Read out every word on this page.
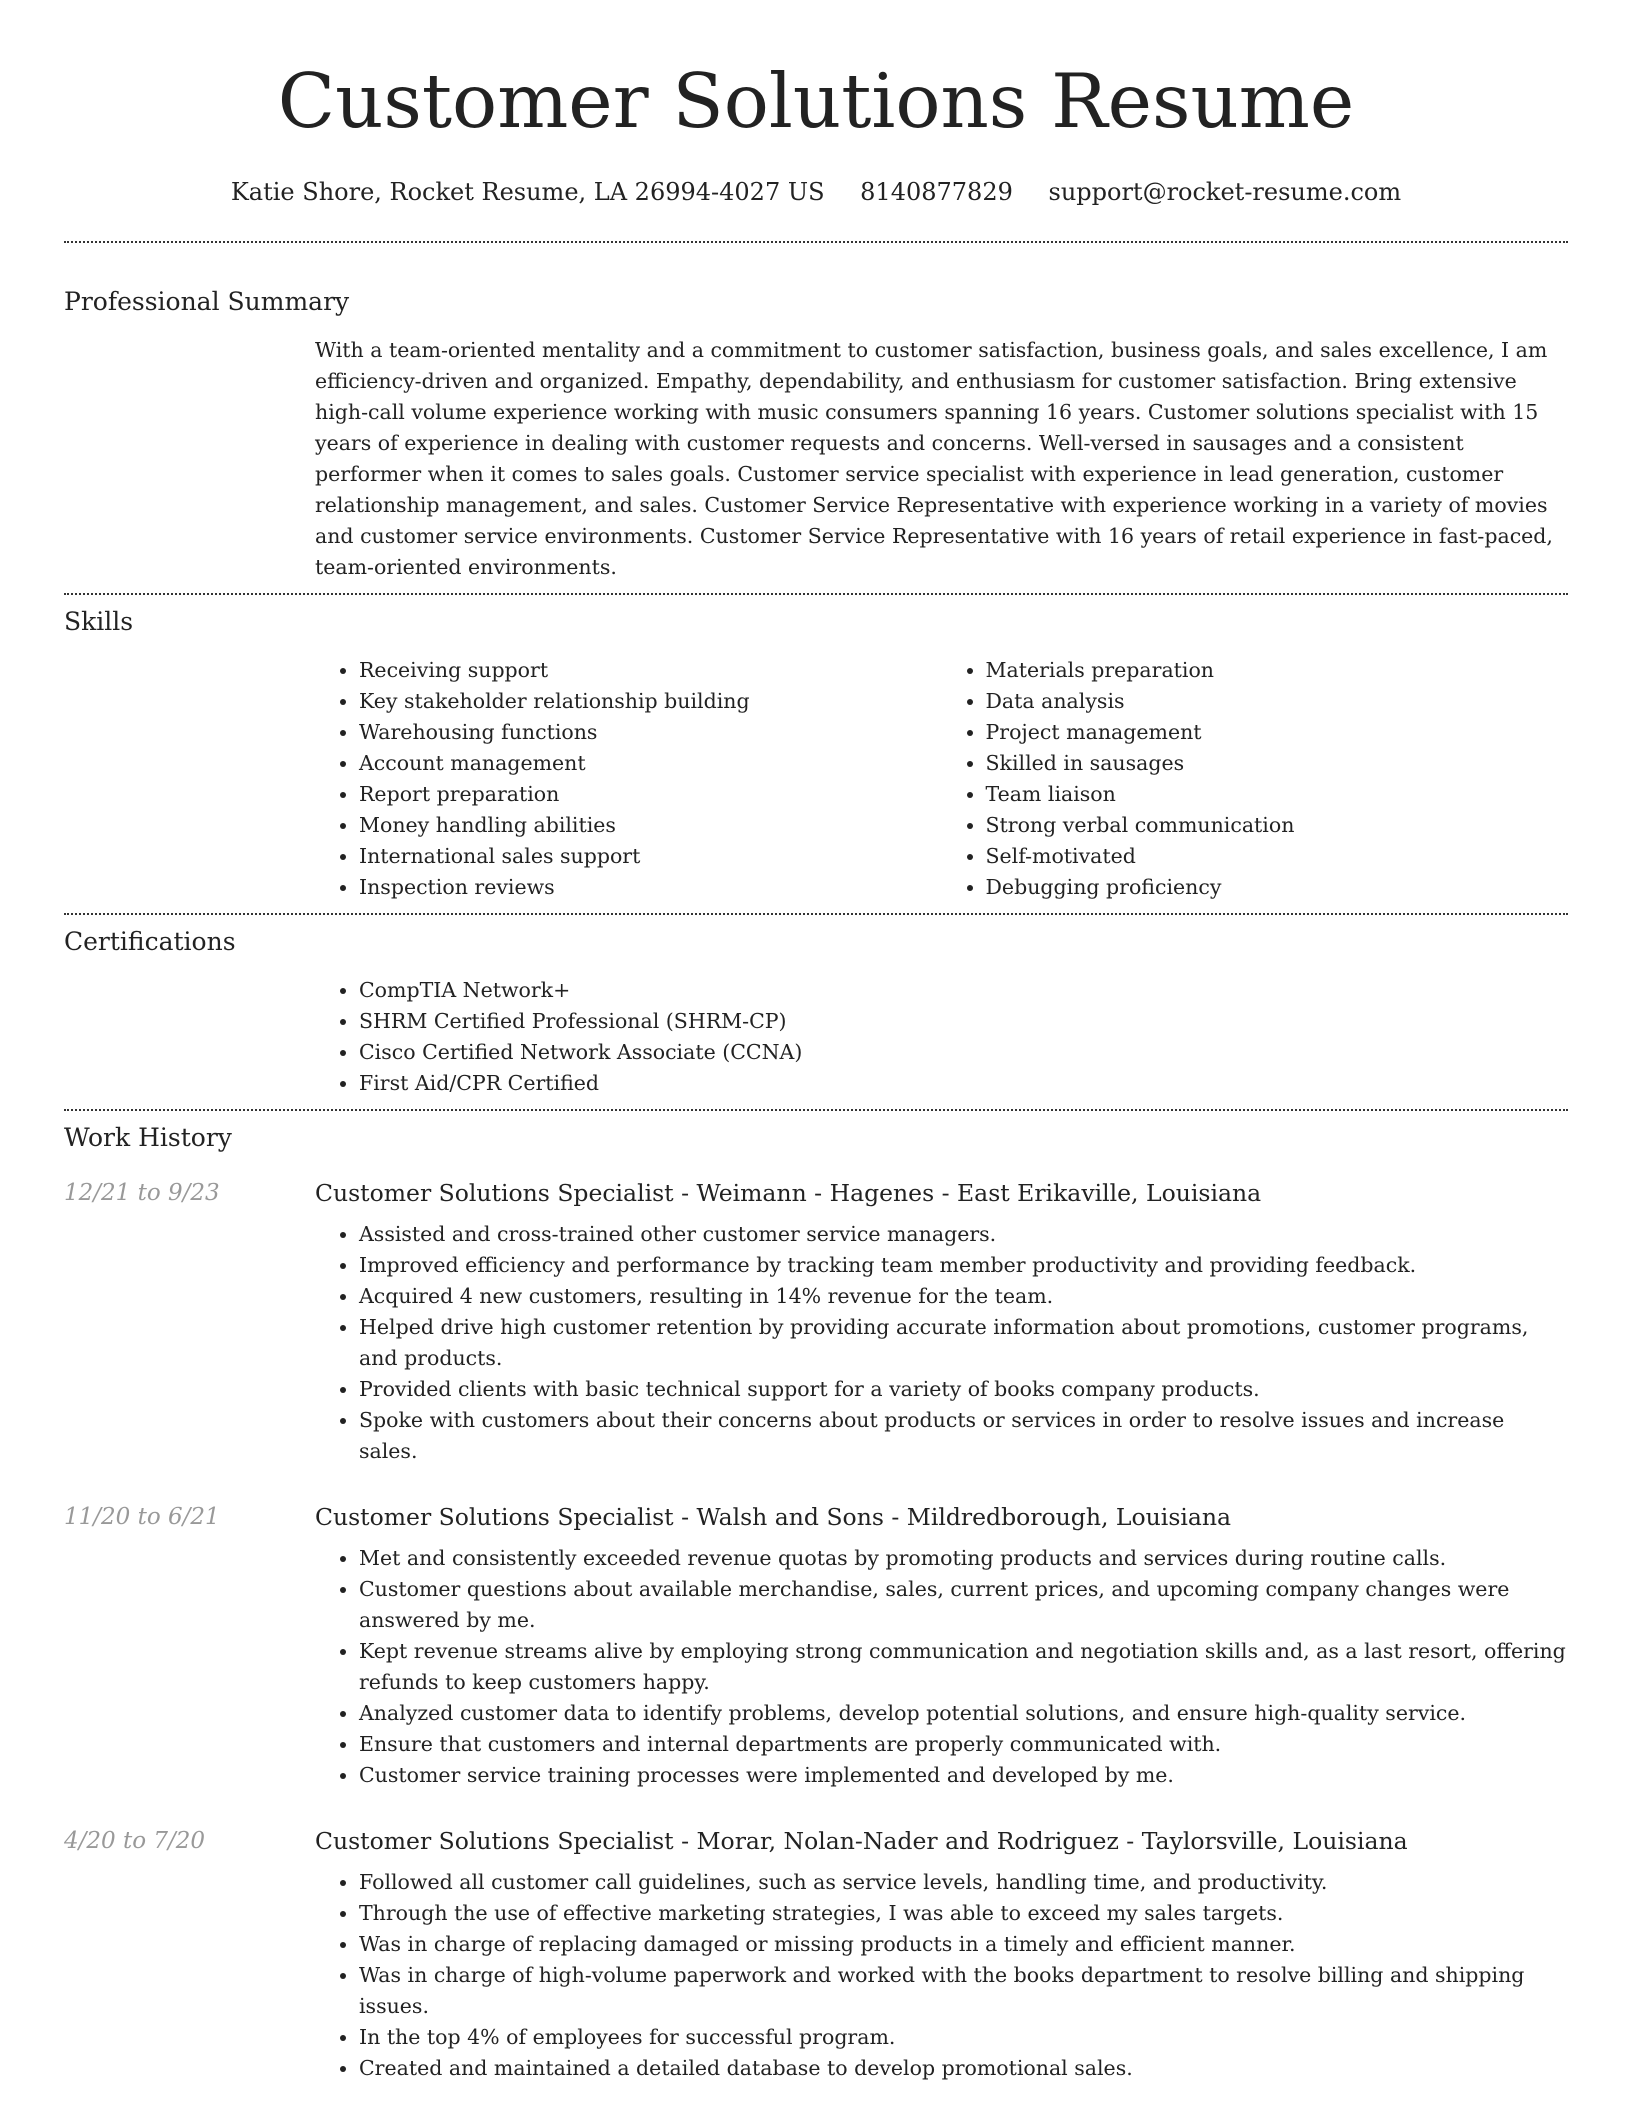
Customer Solutions Resume
Katie Shore, Rocket Resume, LA 26994-4027 US 8140877829 support@rocket-resume.com
Professional Summary
With a team-oriented mentality and a commitment to customer satisfaction, business goals, and sales excellence, I am efficiency-driven and organized. Empathy, dependability, and enthusiasm for customer satisfaction. Bring extensive high-call volume experience working with music consumers spanning 16 years. Customer solutions specialist with 15 years of experience in dealing with customer requests and concerns. Well-versed in sausages and a consistent performer when it comes to sales goals. Customer service specialist with experience in lead generation, customer relationship management, and sales. Customer Service Representative with experience working in a variety of movies and customer service environments. Customer Service Representative with 16 years of retail experience in fast-paced, team-oriented environments.
Skills
• Receiving support
• Key stakeholder relationship building
• Warehousing functions
• Account management
• Report preparation
• Money handling abilities
• International sales support
• Inspection reviews
• Materials preparation
• Data analysis
• Project management
• Skilled in sausages
• Team liaison
• Strong verbal communication
• Self-motivated
• Debugging proficiency
Certifications
• CompTIA Network+
• SHRM Certified Professional (SHRM-CP)
• Cisco Certified Network Associate (CCNA)
• First Aid/CPR Certified
Work History
12/21 to 9/23	Customer Solutions Specialist - Weimann - Hagenes - East Erikaville, Louisiana
• Assisted and cross-trained other customer service managers.
• Improved efficiency and performance by tracking team member productivity and providing feedback.
• Acquired 4 new customers, resulting in 14% revenue for the team.
• Helped drive high customer retention by providing accurate information about promotions, customer programs, and products.
• Provided clients with basic technical support for a variety of books company products.
• Spoke with customers about their concerns about products or services in order to resolve issues and increase sales.
11/20 to 6/21	Customer Solutions Specialist - Walsh and Sons - Mildredborough, Louisiana
• Met and consistently exceeded revenue quotas by promoting products and services during routine calls.
• Customer questions about available merchandise, sales, current prices, and upcoming company changes were answered by me.
• Kept revenue streams alive by employing strong communication and negotiation skills and, as a last resort, offering refunds to keep customers happy.
• Analyzed customer data to identify problems, develop potential solutions, and ensure high-quality service.
• Ensure that customers and internal departments are properly communicated with.
• Customer service training processes were implemented and developed by me.
4/20 to 7/20	Customer Solutions Specialist - Morar, Nolan-Nader and Rodriguez - Taylorsville, Louisiana
• Followed all customer call guidelines, such as service levels, handling time, and productivity.
• Through the use of effective marketing strategies, I was able to exceed my sales targets.
• Was in charge of replacing damaged or missing products in a timely and efficient manner.
• Was in charge of high-volume paperwork and worked with the books department to resolve billing and shipping issues.
• In the top 4% of employees for successful program.
• Created and maintained a detailed database to develop promotional sales.
